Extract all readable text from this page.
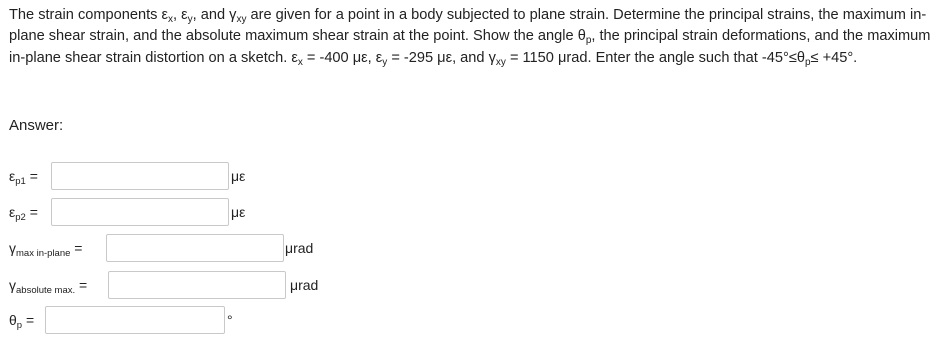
The strain components $\varepsilon_x$, $\varepsilon_y$, and $\gamma_{xy}$ are given for a point in a body subjected to plane strain. Determine the principal strains, the maximum in-plane shear strain, and the absolute maximum shear strain at the point. Show the angle $\theta_p$, the principal strain deformations, and the maximum in-plane shear strain distortion on a sketch. $\varepsilon_x = -400$ με, $\varepsilon_y = -295$ με, and $\gamma_{xy} = 1150$ μrad. Enter the angle such that $-45^\circ\le\theta_p\le +45^\circ$.

Answer:
$\varepsilon_{p1}$ =	με
$\varepsilon_{p2}$ =	με
$\gamma_{max in-plane}$ =	μrad
$\gamma_{absolute max.}$ =	μrad
$\theta_p$ =	°
